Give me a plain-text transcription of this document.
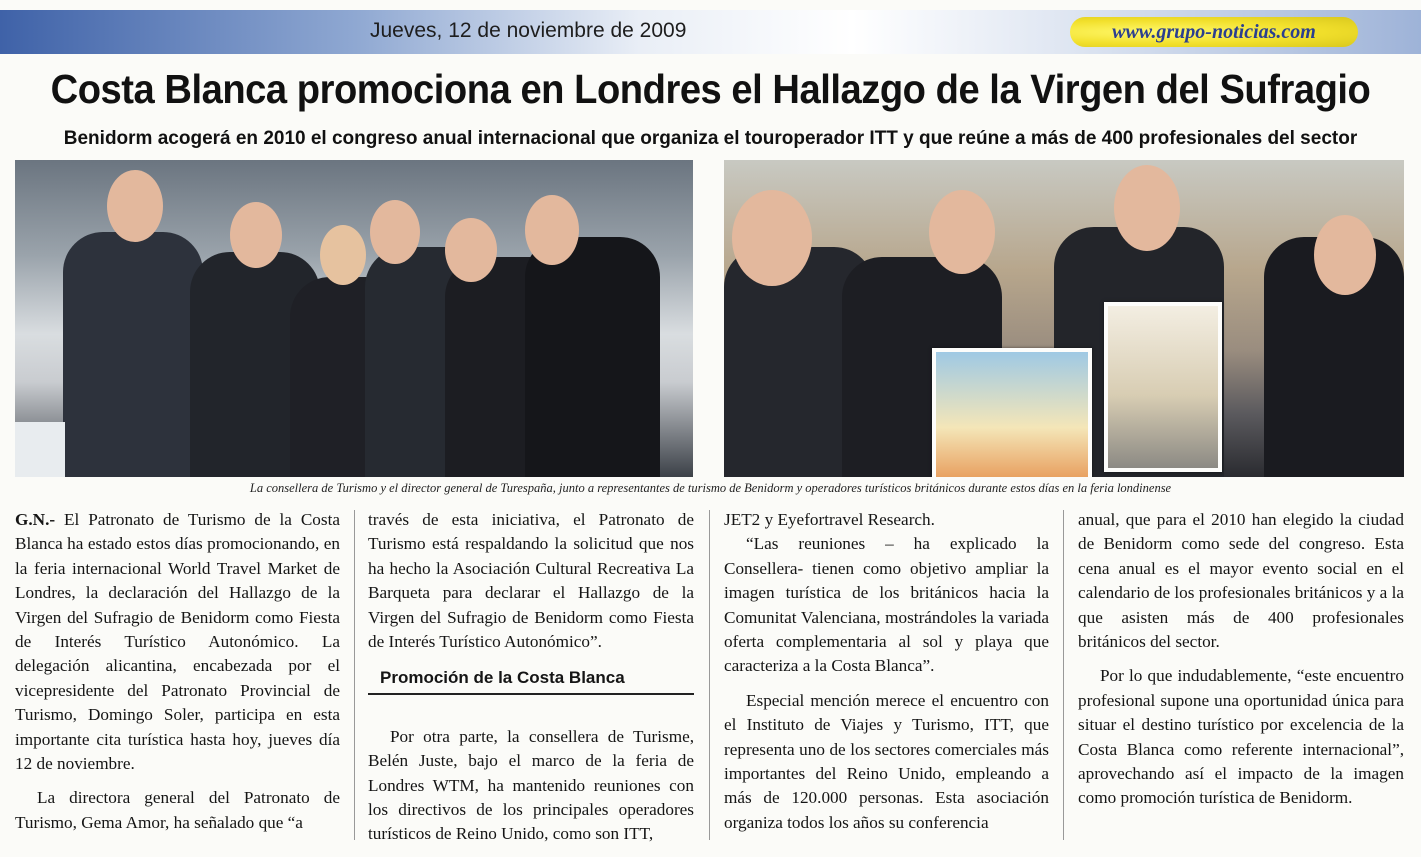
Jueves, 12 de noviembre de 2009	www.grupo-noticias.com
Costa Blanca promociona en Londres el Hallazgo de la Virgen del Sufragio
Benidorm acogerá en 2010 el congreso anual internacional que organiza el touroperador ITT y que reúne a más de 400 profesionales del sector
La consellera de Turismo y el director general de Turespaña, junto a representantes de turismo de Benidorm y operadores turísticos británicos durante estos días en la feria londinense

G.N.- El Patronato de Turismo de la Costa Blanca ha estado estos días promocionando, en la feria internacional World Travel Market de Londres, la declaración del Hallazgo de la Virgen del Sufragio de Benidorm como Fiesta de Interés Turístico Autonómico. La delegación alicantina, encabezada por el vicepresidente del Patronato Provincial de Turismo, Domingo Soler, participa en esta importante cita turística hasta hoy, jueves día 12 de noviembre.

La directora general del Patronato de Turismo, Gema Amor, ha señalado que “a

través de esta iniciativa, el Patronato de Turismo está respaldando la solicitud que nos ha hecho la Asociación Cultural Recreativa La Barqueta para declarar el Hallazgo de la Virgen del Sufragio de Benidorm como Fiesta de Interés Turístico Autonómico”.

Promoción de la Costa Blanca

Por otra parte, la consellera de Turisme, Belén Juste, bajo el marco de la feria de Londres WTM, ha mantenido reuniones con los directivos de los principales operadores turísticos de Reino Unido, como son ITT,

JET2 y Eyefortravel Research.

“Las reuniones – ha explicado la Consellera- tienen como objetivo ampliar la imagen turística de los británicos hacia la Comunitat Valenciana, mostrándoles la variada oferta complementaria al sol y playa que caracteriza a la Costa Blanca”.

Especial mención merece el encuentro con el Instituto de Viajes y Turismo, ITT, que representa uno de los sectores comerciales más importantes del Reino Unido, empleando a más de 120.000 personas. Esta asociación organiza todos los años su conferencia

anual, que para el 2010 han elegido la ciudad de Benidorm como sede del congreso. Esta cena anual es el mayor evento social en el calendario de los profesionales británicos y a la que asisten más de 400 profesionales británicos del sector.

Por lo que indudablemente, “este encuentro profesional supone una oportunidad única para situar el destino turístico por excelencia de la Costa Blanca como referente internacional”, aprovechando así el impacto de la imagen como promoción turística de Benidorm.
